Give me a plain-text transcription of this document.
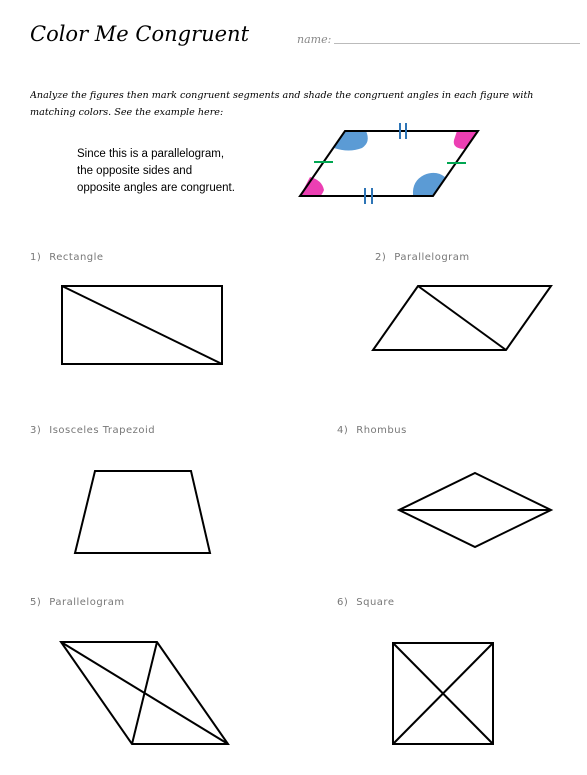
Color Me Congruent	name:
Analyze the figures then mark congruent segments and shade the congruent angles in each figure with
matching colors. See the example here:
Since this is a parallelogram,
the opposite sides and
opposite angles are congruent.
1) Rectangle	2) Parallelogram
3) Isosceles Trapezoid	4) Rhombus
5) Parallelogram	6) Square
